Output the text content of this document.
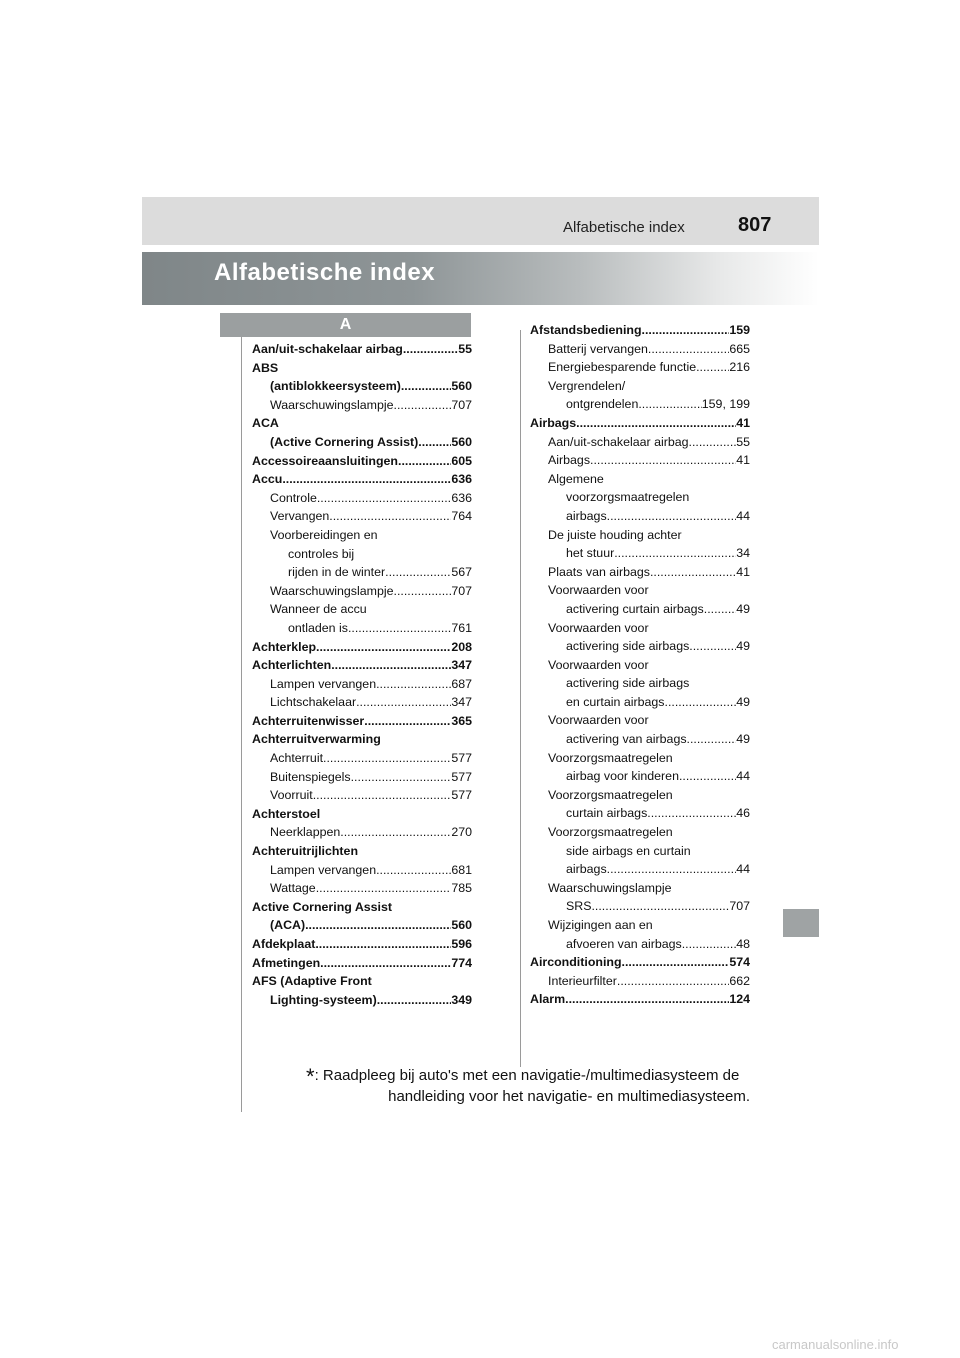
Alfabetische index	807
Alfabetische index
A
Aan/uit-schakelaar airbag .....	55
ABS
(antiblokkeersysteem) .....	560
Waarschuwingslampje .....	707
ACA
(Active Cornering Assist) .....	560
Accessoireaansluitingen .....	605
Accu .....	636
Controle .....	636
Vervangen .....	764
Voorbereidingen en
controles bij
rijden in de winter .....	567
Waarschuwingslampje .....	707
Wanneer de accu
ontladen is .....	761
Achterklep .....	208
Achterlichten .....	347
Lampen vervangen .....	687
Lichtschakelaar .....	347
Achterruitenwisser .....	365
Achterruitverwarming
Achterruit .....	577
Buitenspiegels .....	577
Voorruit .....	577
Achterstoel
Neerklappen .....	270
Achteruitrijlichten
Lampen vervangen .....	681
Wattage .....	785
Active Cornering Assist
(ACA) .....	560
Afdekplaat .....	596
Afmetingen .....	774
AFS (Adaptive Front
Lighting-systeem) .....	349
Afstandsbediening .....	159
Batterij vervangen .....	665
Energiebesparende functie .....	216
Vergrendelen/
ontgrendelen .....	159, 199
Airbags .....	41
Aan/uit-schakelaar airbag .....	55
Airbags .....	41
Algemene
voorzorgsmaatregelen
airbags .....	44
De juiste houding achter
het stuur .....	34
Plaats van airbags .....	41
Voorwaarden voor
activering curtain airbags .....	49
Voorwaarden voor
activering side airbags .....	49
Voorwaarden voor
activering side airbags
en curtain airbags .....	49
Voorwaarden voor
activering van airbags .....	49
Voorzorgsmaatregelen
airbag voor kinderen .....	44
Voorzorgsmaatregelen
curtain airbags .....	46
Voorzorgsmaatregelen
side airbags en curtain
airbags .....	44
Waarschuwingslampje
SRS .....	707
Wijzigingen aan en
afvoeren van airbags .....	48
Airconditioning .....	574
Interieurfilter .....	662
Alarm .....	124
*: Raadpleeg bij auto's met een navigatie-/multimediasysteem de
handleiding voor het navigatie- en multimediasysteem.
carmanualsonline.info
